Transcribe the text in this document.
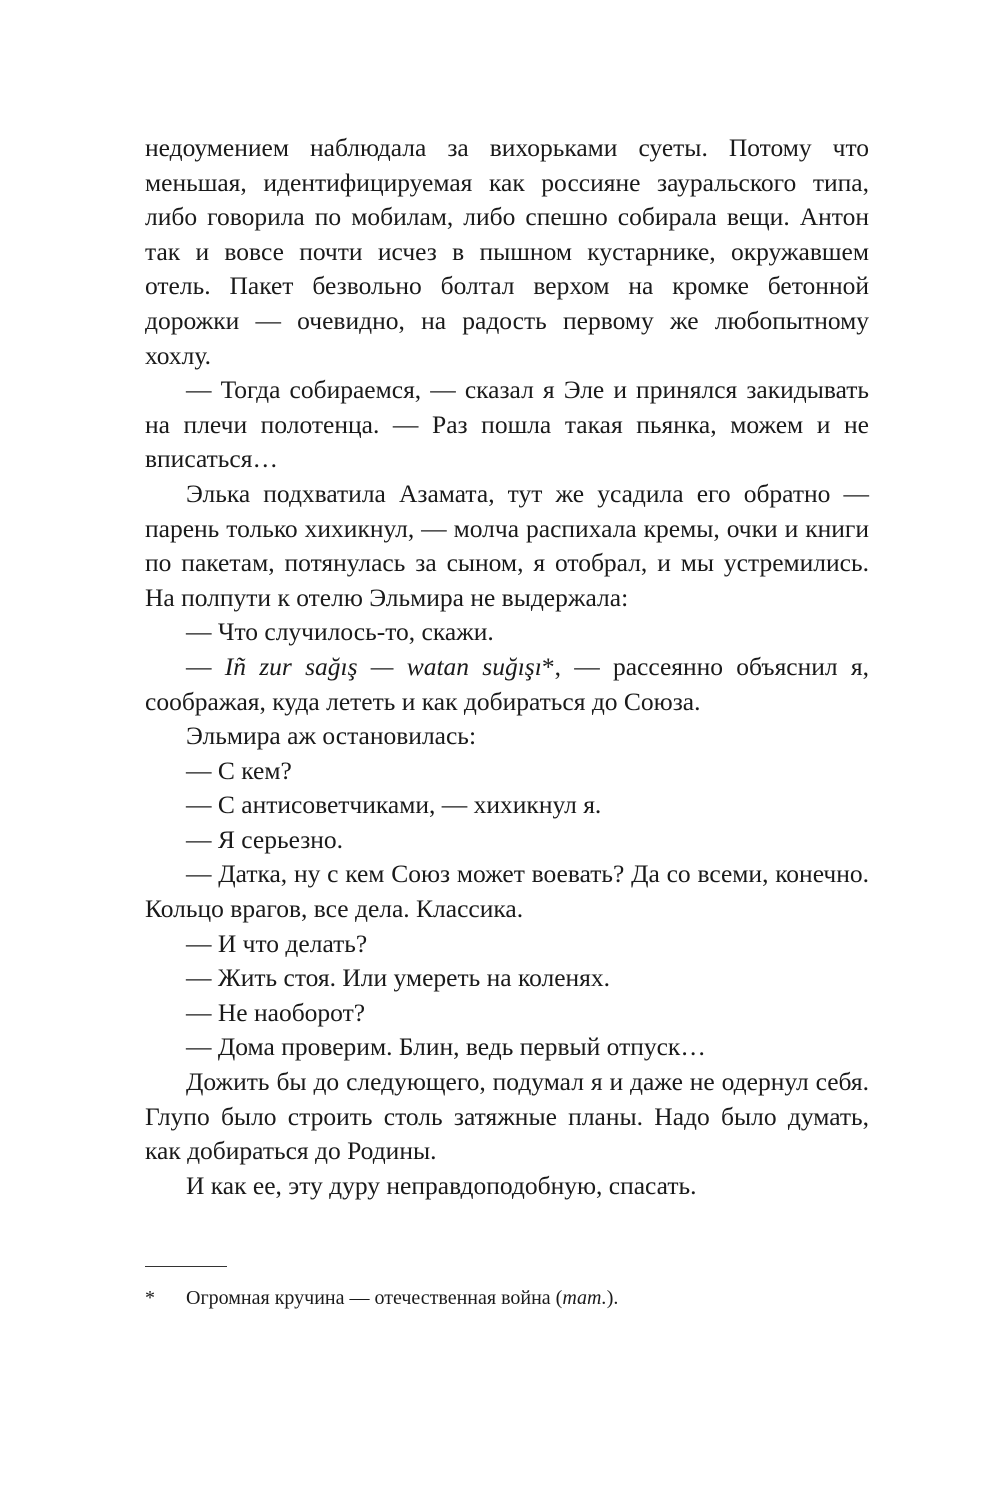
недоумением наблюдала за вихорьками суеты. Потому что меньшая, идентифицируемая как россияне зауральского типа, либо говорила по мобилам, либо спешно собирала вещи. Антон так и вовсе почти исчез в пышном кустарнике, окружавшем отель. Пакет безвольно болтал верхом на кромке бетонной дорожки — очевидно, на радость первому же любопытному хохлу.

— Тогда собираемся, — сказал я Эле и принялся закидывать на плечи полотенца. — Раз пошла такая пьянка, можем и не вписаться…

Элька подхватила Азамата, тут же усадила его обратно — парень только хихикнул, — молча распихала кремы, очки и книги по пакетам, потянулась за сыном, я отобрал, и мы устремились. На полпути к отелю Эльмира не выдержала:

— Что случилось-то, скажи.

— Iñ zur sağış — watan suğışı*, — рассеянно объяснил я, соображая, куда лететь и как добираться до Союза.

Эльмира аж остановилась:

— С кем?

— С антисоветчиками, — хихикнул я.

— Я серьезно.

— Датка, ну с кем Союз может воевать? Да со всеми, конечно. Кольцо врагов, все дела. Классика.

— И что делать?

— Жить стоя. Или умереть на коленях.

— Не наоборот?

— Дома проверим. Блин, ведь первый отпуск…

Дожить бы до следующего, подумал я и даже не одернул себя. Глупо было строить столь затяжные планы. Надо было думать, как добираться до Родины.

И как ее, эту дуру неправдоподобную, спасать.

* Огромная кручина — отечественная война (тат.).
